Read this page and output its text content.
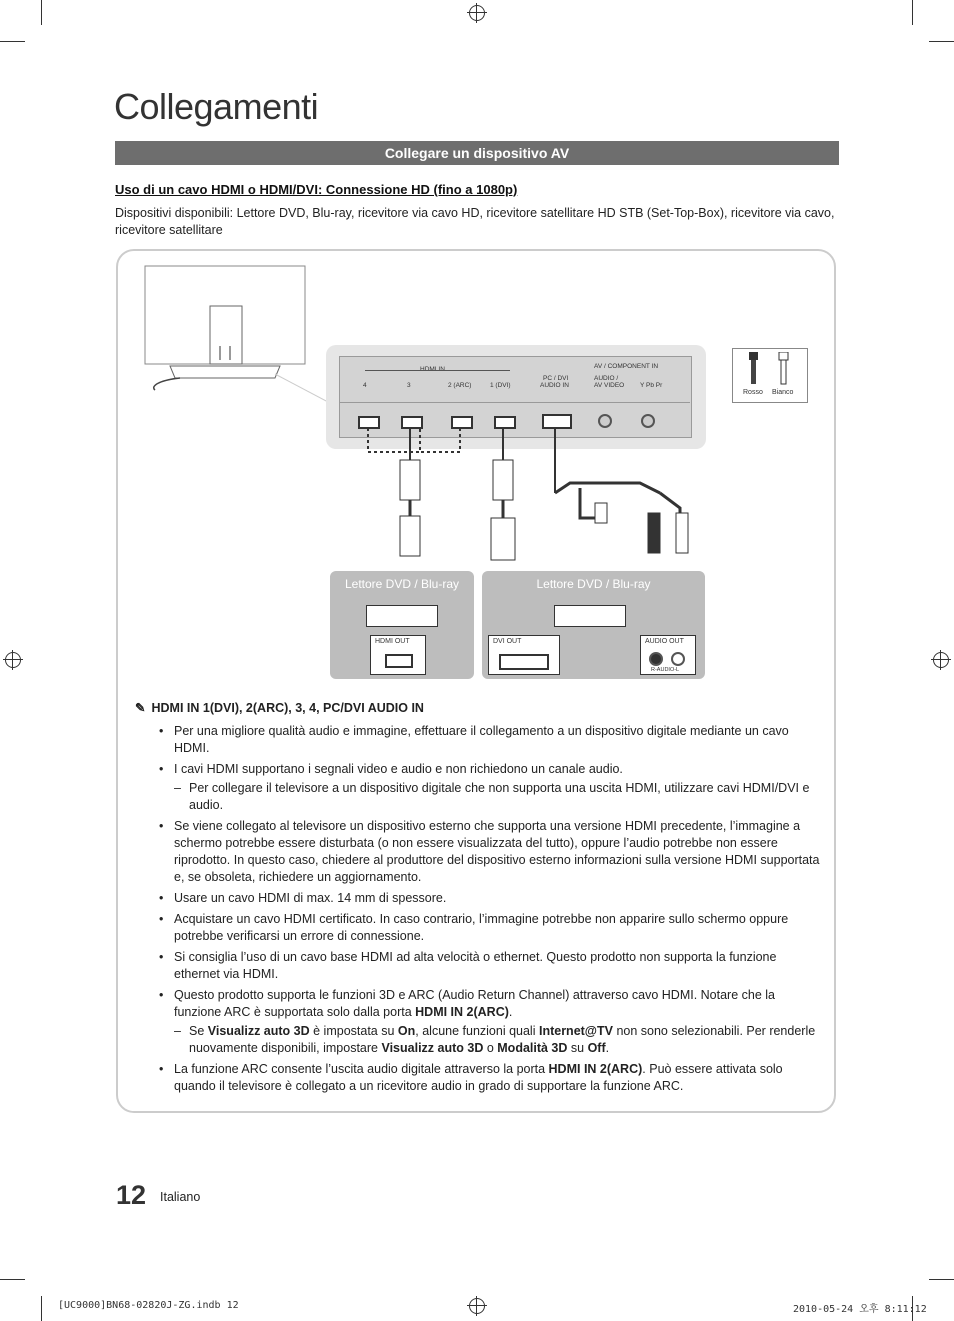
Collegamenti
Collegare un dispositivo AV
Uso di un cavo HDMI o HDMI/DVI: Connessione HD (fino a 1080p)
Dispositivi disponibili: Lettore DVD, Blu-ray, ricevitore via cavo HD, ricevitore satellitare HD STB (Set-Top-Box), ricevitore via cavo, ricevitore satellitare
4	3	2 (ARC)	1 (DVI)
PC / DVI
AUDIO IN
AV / COMPONENT IN
AUDIO /
AV VIDEO Y Pb Pr
Rosso Bianco
Lettore DVD / Blu-ray
HDMI OUT
Lettore DVD / Blu-ray
DVI OUT	AUDIO OUT
R-AUDIO-L
✎ HDMI IN 1(DVI), 2(ARC), 3, 4, PC/DVI AUDIO IN
• Per una migliore qualità audio e immagine, effettuare il collegamento a un dispositivo digitale mediante un cavo HDMI.
• I cavi HDMI supportano i segnali video e audio e non richiedono un canale audio.
– Per collegare il televisore a un dispositivo digitale che non supporta una uscita HDMI, utilizzare cavi HDMI/DVI e audio.
• Se viene collegato al televisore un dispositivo esterno che supporta una versione HDMI precedente, l’immagine a schermo potrebbe essere disturbata (o non essere visualizzata del tutto), oppure l’audio potrebbe non essere riprodotto. In questo caso, chiedere al produttore del dispositivo esterno informazioni sulla versione HDMI supportata e, se obsoleta, richiedere un aggiornamento.
• Usare un cavo HDMI di max. 14 mm di spessore.
• Acquistare un cavo HDMI certificato. In caso contrario, l’immagine potrebbe non apparire sullo schermo oppure potrebbe verificarsi un errore di connessione.
• Si consiglia l’uso di un cavo base HDMI ad alta velocità o ethernet. Questo prodotto non supporta la funzione ethernet via HDMI.
• Questo prodotto supporta le funzioni 3D e ARC (Audio Return Channel) attraverso cavo HDMI. Notare che la funzione ARC è supportata solo dalla porta HDMI IN 2(ARC).
– Se Visualizz auto 3D è impostata su On, alcune funzioni quali Internet@TV non sono selezionabili. Per renderle nuovamente disponibili, impostare Visualizz auto 3D o Modalità 3D su Off.
• La funzione ARC consente l’uscita audio digitale attraverso la porta HDMI IN 2(ARC). Può essere attivata solo quando il televisore è collegato a un ricevitore audio in grado di supportare la funzione ARC.
12 Italiano
[UC9000]BN68-02820J-ZG.indb 12	2010-05-24 오후 8:11:12
